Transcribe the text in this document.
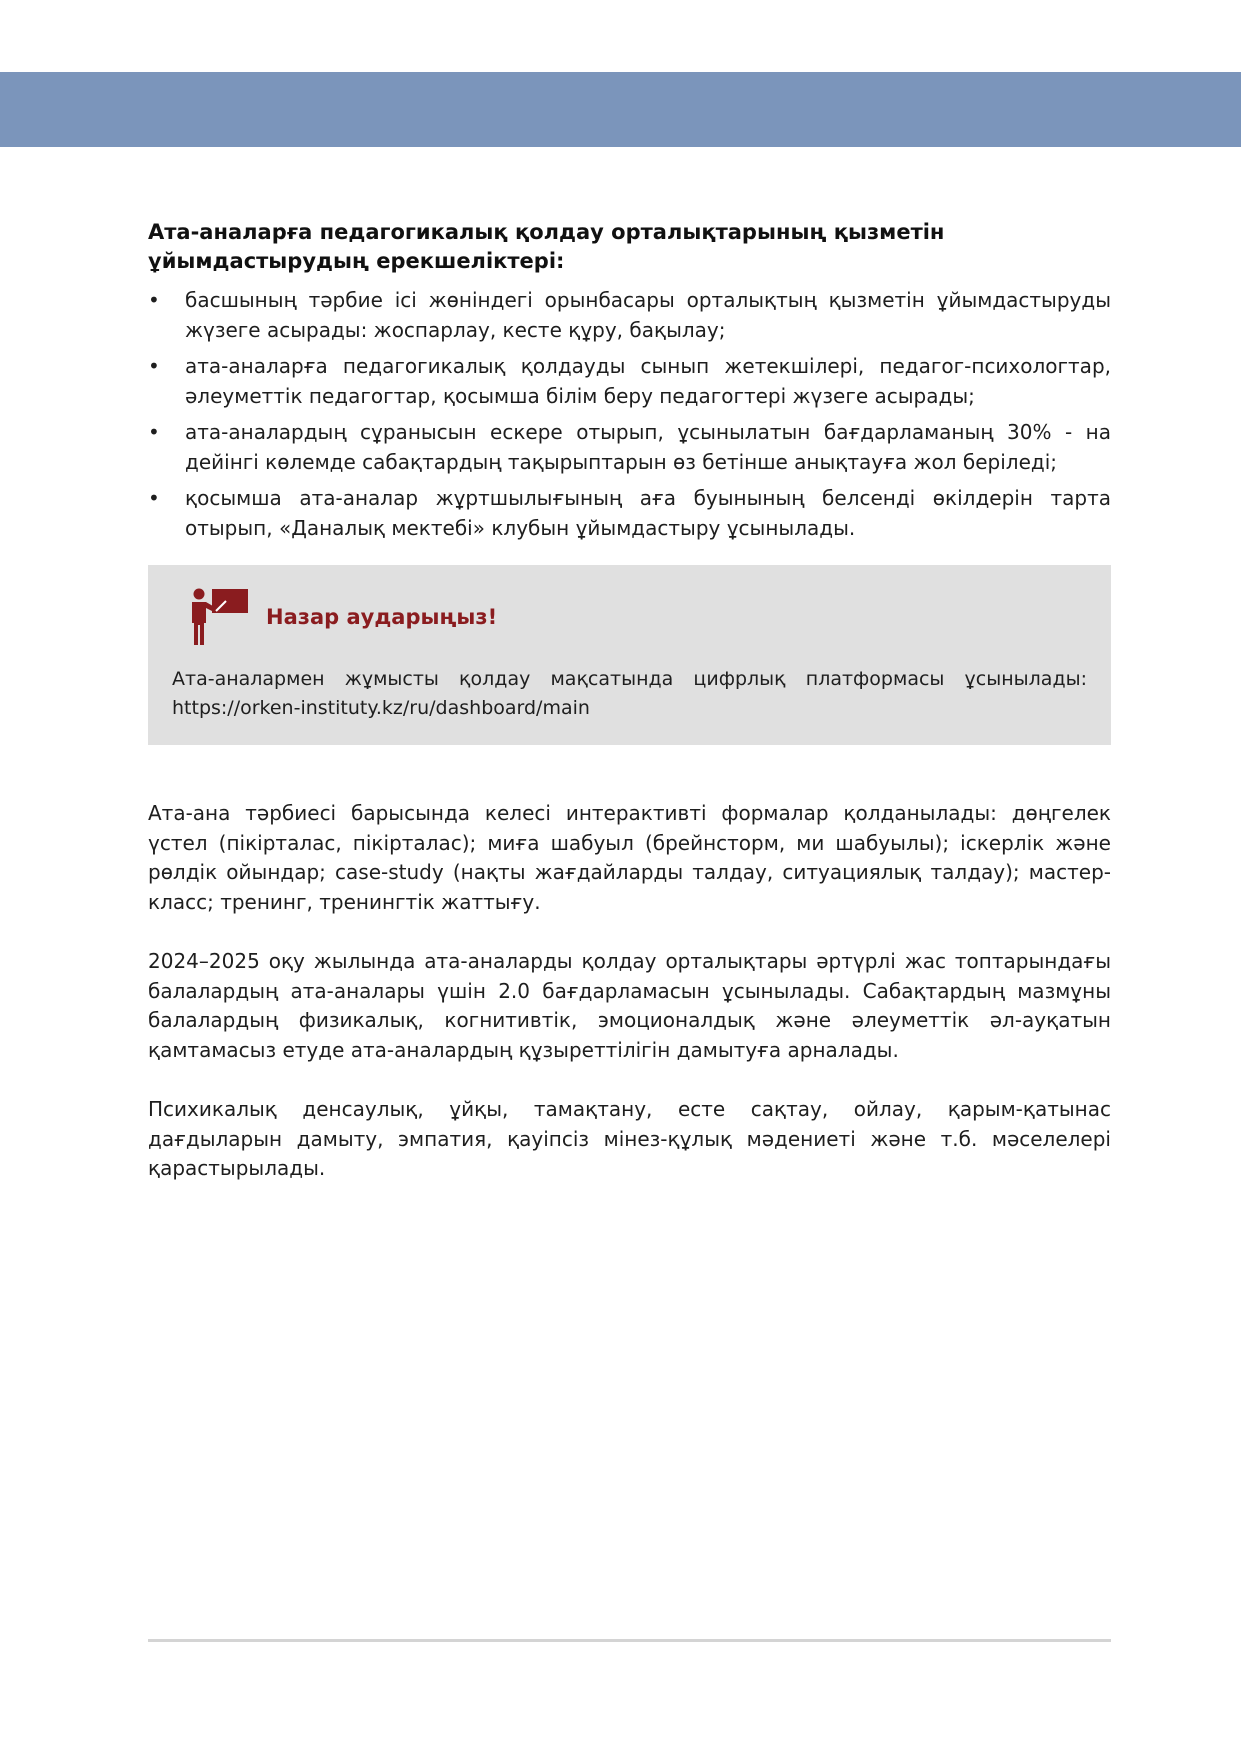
Ата-аналарға педагогикалық қолдау орталықтарының қызметін ұйымдастырудың ерекшеліктері:
• басшының тәрбие ісі жөніндегі орынбасары орталықтың қызметін ұйымдастыруды жүзеге асырады: жоспарлау, кесте құру, бақылау;
• ата-аналарға педагогикалық қолдауды сынып жетекшілері, педагог-психологтар, әлеуметтік педагогтар, қосымша білім беру педагогтері жүзеге асырады;
• ата-аналардың сұранысын ескере отырып, ұсынылатын бағдарламаның 30% - на дейінгі көлемде сабақтардың тақырыптарын өз бетінше анықтауға жол беріледі;
• қосымша ата-аналар жұртшылығының аға буынының белсенді өкілдерін тарта отырып, «Даналық мектебі» клубын ұйымдастыру ұсынылады.
Назар аударыңыз!
Ата-аналармен жұмысты қолдау мақсатында цифрлық платформасы ұсынылады: https://orken-instituty.kz/ru/dashboard/main

Ата-ана тәрбиесі барысында келесі интерактивті формалар қолданылады: дөңгелек үстел (пікірталас, пікірталас); миға шабуыл (брейнсторм, ми шабуылы); іскерлік және рөлдік ойындар; case-study (нақты жағдайларды талдау, ситуациялық талдау); мастер-класс; тренинг, тренингтік жаттығу.

2024–2025 оқу жылында ата-аналарды қолдау орталықтары әртүрлі жас топтарындағы балалардың ата-аналары үшін 2.0 бағдарламасын ұсынылады. Сабақтардың мазмұны балалардың физикалық, когнитивтік, эмоционалдық және әлеуметтік әл-ауқатын қамтамасыз етуде ата-аналардың құзыреттілігін дамытуға арналады.

Психикалық денсаулық, ұйқы, тамақтану, есте сақтау, ойлау, қарым-қатынас дағдыларын дамыту, эмпатия, қауіпсіз мінез-құлық мәдениеті және т.б. мәселелері қарастырылады.
